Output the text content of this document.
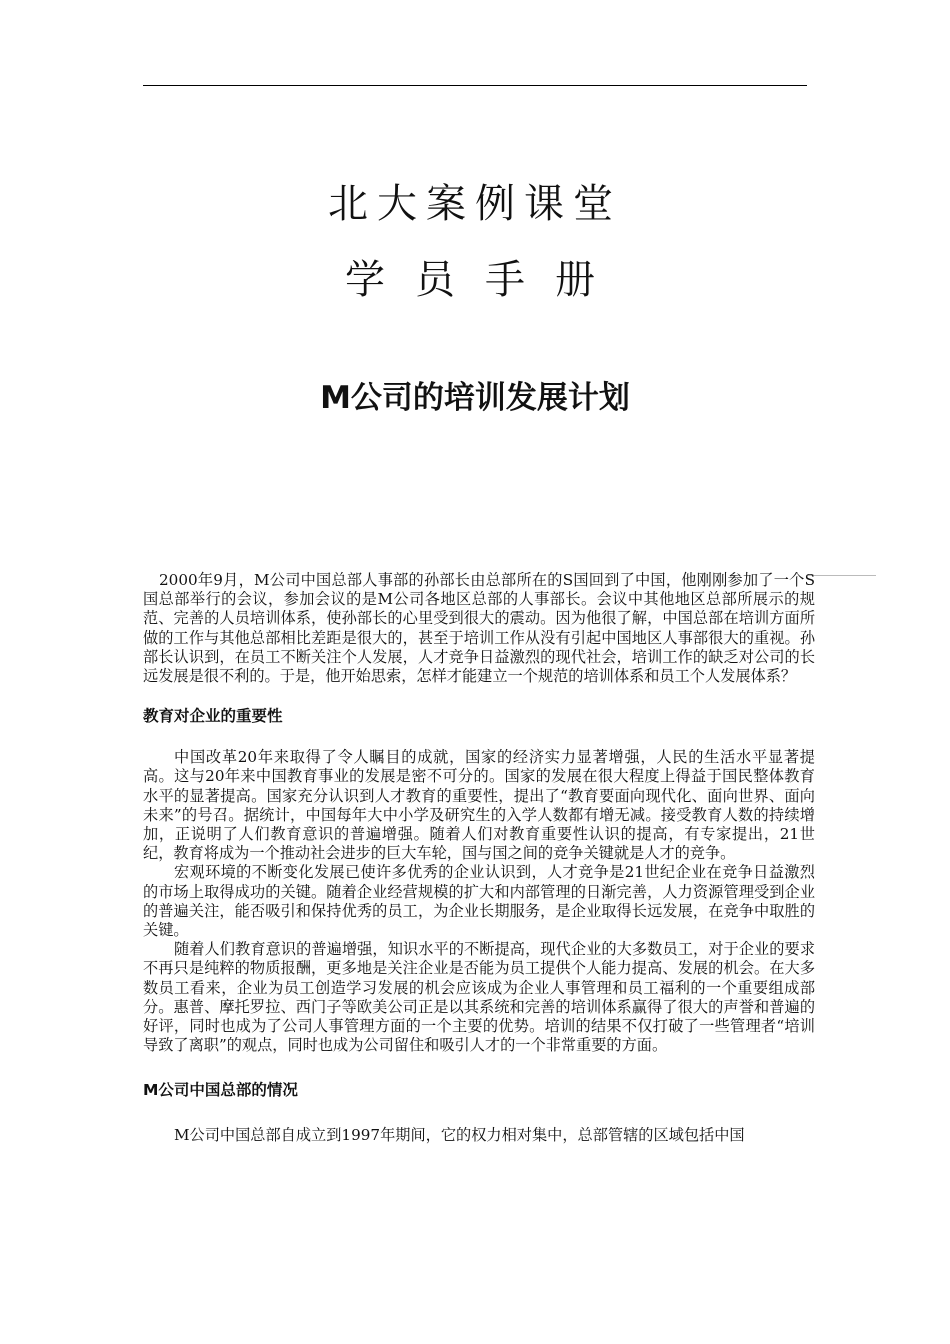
北大案例课堂
学员手册
M公司的培训发展计划

2000年9月，M公司中国总部人事部的孙部长由总部所在的S国回到了中国，他刚刚参加了一个S国总部举行的会议，参加会议的是M公司各地区总部的人事部长。会议中其他地区总部所展示的规范、完善的人员培训体系，使孙部长的心里受到很大的震动。因为他很了解，中国总部在培训方面所做的工作与其他总部相比差距是很大的，甚至于培训工作从没有引起中国地区人事部很大的重视。孙部长认识到，在员工不断关注个人发展，人才竞争日益激烈的现代社会，培训工作的缺乏对公司的长远发展是很不利的。于是，他开始思索，怎样才能建立一个规范的培训体系和员工个人发展体系？

教育对企业的重要性

中国改革20年来取得了令人瞩目的成就，国家的经济实力显著增强，人民的生活水平显著提高。这与20年来中国教育事业的发展是密不可分的。国家的发展在很大程度上得益于国民整体教育水平的显著提高。国家充分认识到人才教育的重要性，提出了“教育要面向现代化、面向世界、面向未来”的号召。据统计，中国每年大中小学及研究生的入学人数都有增无减。接受教育人数的持续增加，正说明了人们教育意识的普遍增强。随着人们对教育重要性认识的提高，有专家提出，21世纪，教育将成为一个推动社会进步的巨大车轮，国与国之间的竞争关键就是人才的竞争。

宏观环境的不断变化发展已使许多优秀的企业认识到，人才竞争是21世纪企业在竞争日益激烈的市场上取得成功的关键。随着企业经营规模的扩大和内部管理的日渐完善，人力资源管理受到企业的普遍关注，能否吸引和保持优秀的员工，为企业长期服务，是企业取得长远发展，在竞争中取胜的关键。

随着人们教育意识的普遍增强，知识水平的不断提高，现代企业的大多数员工，对于企业的要求不再只是纯粹的物质报酬，更多地是关注企业是否能为员工提供个人能力提高、发展的机会。在大多数员工看来，企业为员工创造学习发展的机会应该成为企业人事管理和员工福利的一个重要组成部分。惠普、摩托罗拉、西门子等欧美公司正是以其系统和完善的培训体系赢得了很大的声誉和普遍的好评，同时也成为了公司人事管理方面的一个主要的优势。培训的结果不仅打破了一些管理者“培训导致了离职”的观点，同时也成为公司留住和吸引人才的一个非常重要的方面。

M公司中国总部的情况

M公司中国总部自成立到1997年期间，它的权力相对集中，总部管辖的区域包括中国
